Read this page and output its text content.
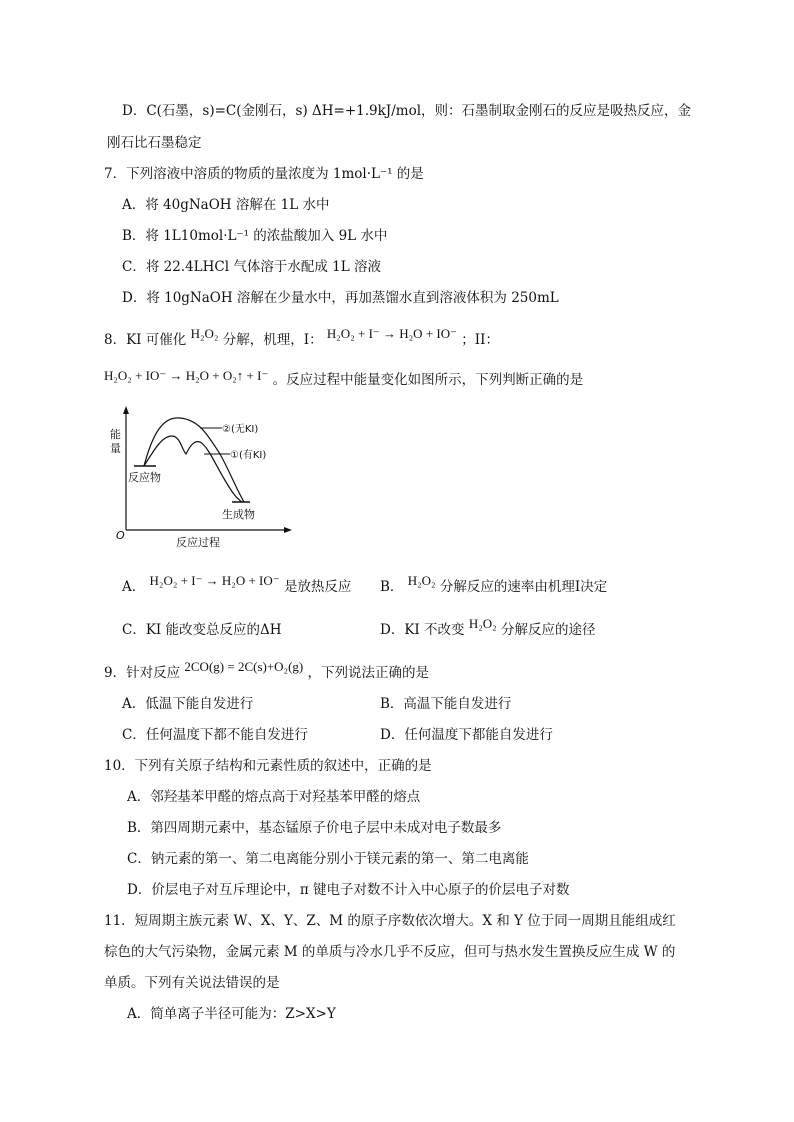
D．C(石墨，s)=C(金刚石，s) ΔH=+1.9kJ/mol，则：石墨制取金刚石的反应是吸热反应，金
刚石比石墨稳定
7．下列溶液中溶质的物质的量浓度为 1mol·L⁻¹ 的是
A．将 40gNaOH 溶解在 1L 水中
B．将 1L10mol·L⁻¹ 的浓盐酸加入 9L 水中
C．将 22.4LHCl 气体溶于水配成 1L 溶液
D．将 10gNaOH 溶解在少量水中，再加蒸馏水直到溶液体积为 250mL
8．KI 可催化 H₂O₂ 分解，机理，I： H₂O₂ + I⁻ → H₂O + IO⁻ ；II：
H₂O₂ + IO⁻ → H₂O + O₂↑ + I⁻ 。反应过程中能量变化如图所示，下列判断正确的是
能
量
O
反应物
生成物
②(无KI)
①(有KI)
反应过程
A． H₂O₂ + I⁻ → H₂O + IO⁻ 是放热反应 B． H₂O₂ 分解反应的速率由机理I决定
C．KI 能改变总反应的ΔH	D．KI 不改变 H₂O₂ 分解反应的途径
9．针对反应 2CO(g) = 2C(s)+O₂(g) ，下列说法正确的是
A．低温下能自发进行	B．高温下能自发进行
C．任何温度下都不能自发进行	D．任何温度下都能自发进行
10．下列有关原子结构和元素性质的叙述中，正确的是
A．邻羟基苯甲醛的熔点高于对羟基苯甲醛的熔点
B．第四周期元素中，基态锰原子价电子层中未成对电子数最多
C．钠元素的第一、第二电离能分别小于镁元素的第一、第二电离能
D．价层电子对互斥理论中，π 键电子对数不计入中心原子的价层电子对数
11．短周期主族元素 W、X、Y、Z、M 的原子序数依次增大。X 和 Y 位于同一周期且能组成红
棕色的大气污染物，金属元素 M 的单质与冷水几乎不反应，但可与热水发生置换反应生成 W 的
单质。下列有关说法错误的是
A．简单离子半径可能为：Z>X>Y
